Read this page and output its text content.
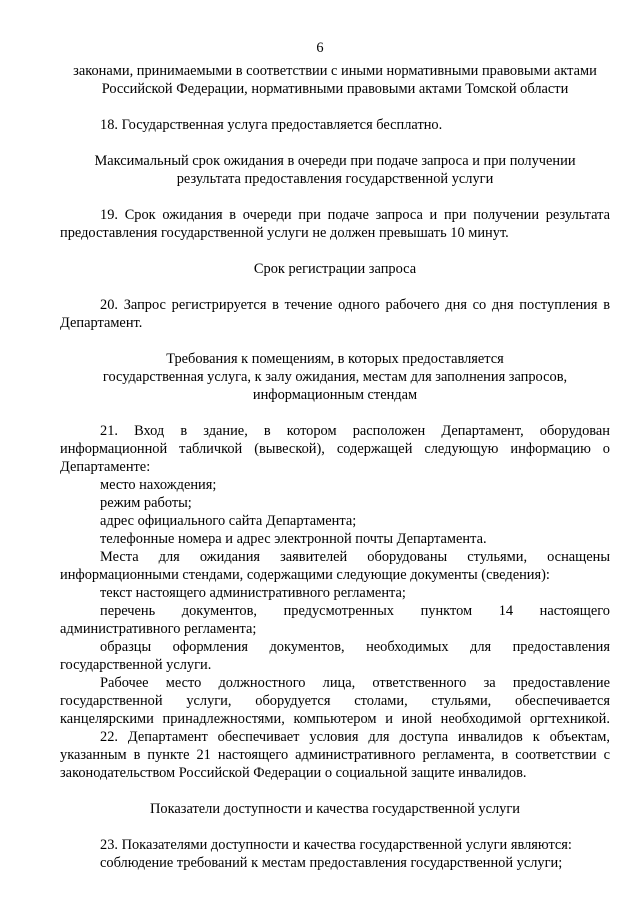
6
законами, принимаемыми в соответствии с иными нормативными правовыми актами
Российской Федерации, нормативными правовыми актами Томской области
18. Государственная услуга предоставляется бесплатно.
Максимальный срок ожидания в очереди при подаче запроса и при получении
результата предоставления государственной услуги
19. Срок ожидания в очереди при подаче запроса и при получении результата
предоставления государственной услуги не должен превышать 10 минут.
Срок регистрации запроса
20. Запрос регистрируется в течение одного рабочего дня со дня поступления в
Департамент.
Требования к помещениям, в которых предоставляется
государственная услуга, к залу ожидания, местам для заполнения запросов,
информационным стендам
21. Вход в здание, в котором расположен Департамент, оборудован
информационной табличкой (вывеской), содержащей следующую информацию о
Департаменте:
место нахождения;
режим работы;
адрес официального сайта Департамента;
телефонные номера и адрес электронной почты Департамента.
Места для ожидания заявителей оборудованы стульями, оснащены
информационными стендами, содержащими следующие документы (сведения):
текст настоящего административного регламента;
перечень документов, предусмотренных пунктом 14 настоящего
административного регламента;
образцы оформления документов, необходимых для предоставления
государственной услуги.
Рабочее место должностного лица, ответственного за предоставление
государственной услуги, оборудуется столами, стульями, обеспечивается
канцелярскими принадлежностями, компьютером и иной необходимой оргтехникой.
22. Департамент обеспечивает условия для доступа инвалидов к объектам,
указанным в пункте 21 настоящего административного регламента, в соответствии с
законодательством Российской Федерации о социальной защите инвалидов.
Показатели доступности и качества государственной услуги
23. Показателями доступности и качества государственной услуги являются:
соблюдение требований к местам предоставления государственной услуги;
